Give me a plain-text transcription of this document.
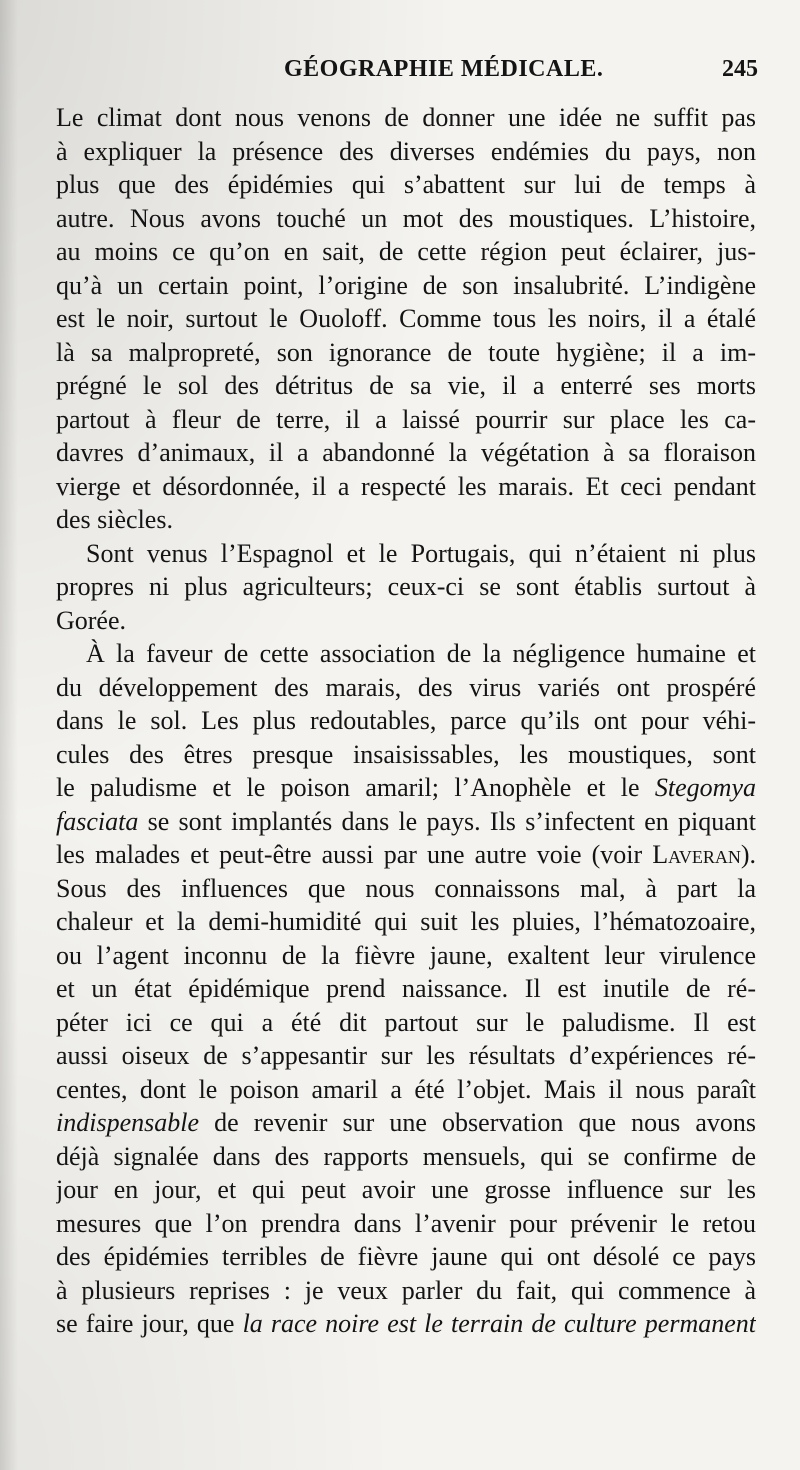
GÉOGRAPHIE MÉDICALE.	245
Le climat dont nous venons de donner une idée ne suffit pas
à expliquer la présence des diverses endémies du pays, non
plus que des épidémies qui s’abattent sur lui de temps à
autre. Nous avons touché un mot des moustiques. L’histoire,
au moins ce qu’on en sait, de cette région peut éclairer, jus-
qu’à un certain point, l’origine de son insalubrité. L’indigène
est le noir, surtout le Ouoloff. Comme tous les noirs, il a étalé
là sa malpropreté, son ignorance de toute hygiène; il a im-
prégné le sol des détritus de sa vie, il a enterré ses morts
partout à fleur de terre, il a laissé pourrir sur place les ca-
davres d’animaux, il a abandonné la végétation à sa floraison
vierge et désordonnée, il a respecté les marais. Et ceci pendant
des siècles.
Sont venus l’Espagnol et le Portugais, qui n’étaient ni plus
propres ni plus agriculteurs; ceux-ci se sont établis surtout à
Gorée.
À la faveur de cette association de la négligence humaine et
du développement des marais, des virus variés ont prospéré
dans le sol. Les plus redoutables, parce qu’ils ont pour véhi-
cules des êtres presque insaisissables, les moustiques, sont
le paludisme et le poison amaril; l’Anophèle et le Stegomya
fasciata se sont implantés dans le pays. Ils s’infectent en piquant
les malades et peut-être aussi par une autre voie (voir Laveran).
Sous des influences que nous connaissons mal, à part la
chaleur et la demi-humidité qui suit les pluies, l’hématozoaire,
ou l’agent inconnu de la fièvre jaune, exaltent leur virulence
et un état épidémique prend naissance. Il est inutile de ré-
péter ici ce qui a été dit partout sur le paludisme. Il est
aussi oiseux de s’appesantir sur les résultats d’expériences ré-
centes, dont le poison amaril a été l’objet. Mais il nous paraît
indispensable de revenir sur une observation que nous avons
déjà signalée dans des rapports mensuels, qui se confirme de
jour en jour, et qui peut avoir une grosse influence sur les
mesures que l’on prendra dans l’avenir pour prévenir le retou
des épidémies terribles de fièvre jaune qui ont désolé ce pays
à plusieurs reprises : je veux parler du fait, qui commence à
se faire jour, que la race noire est le terrain de culture permanent
